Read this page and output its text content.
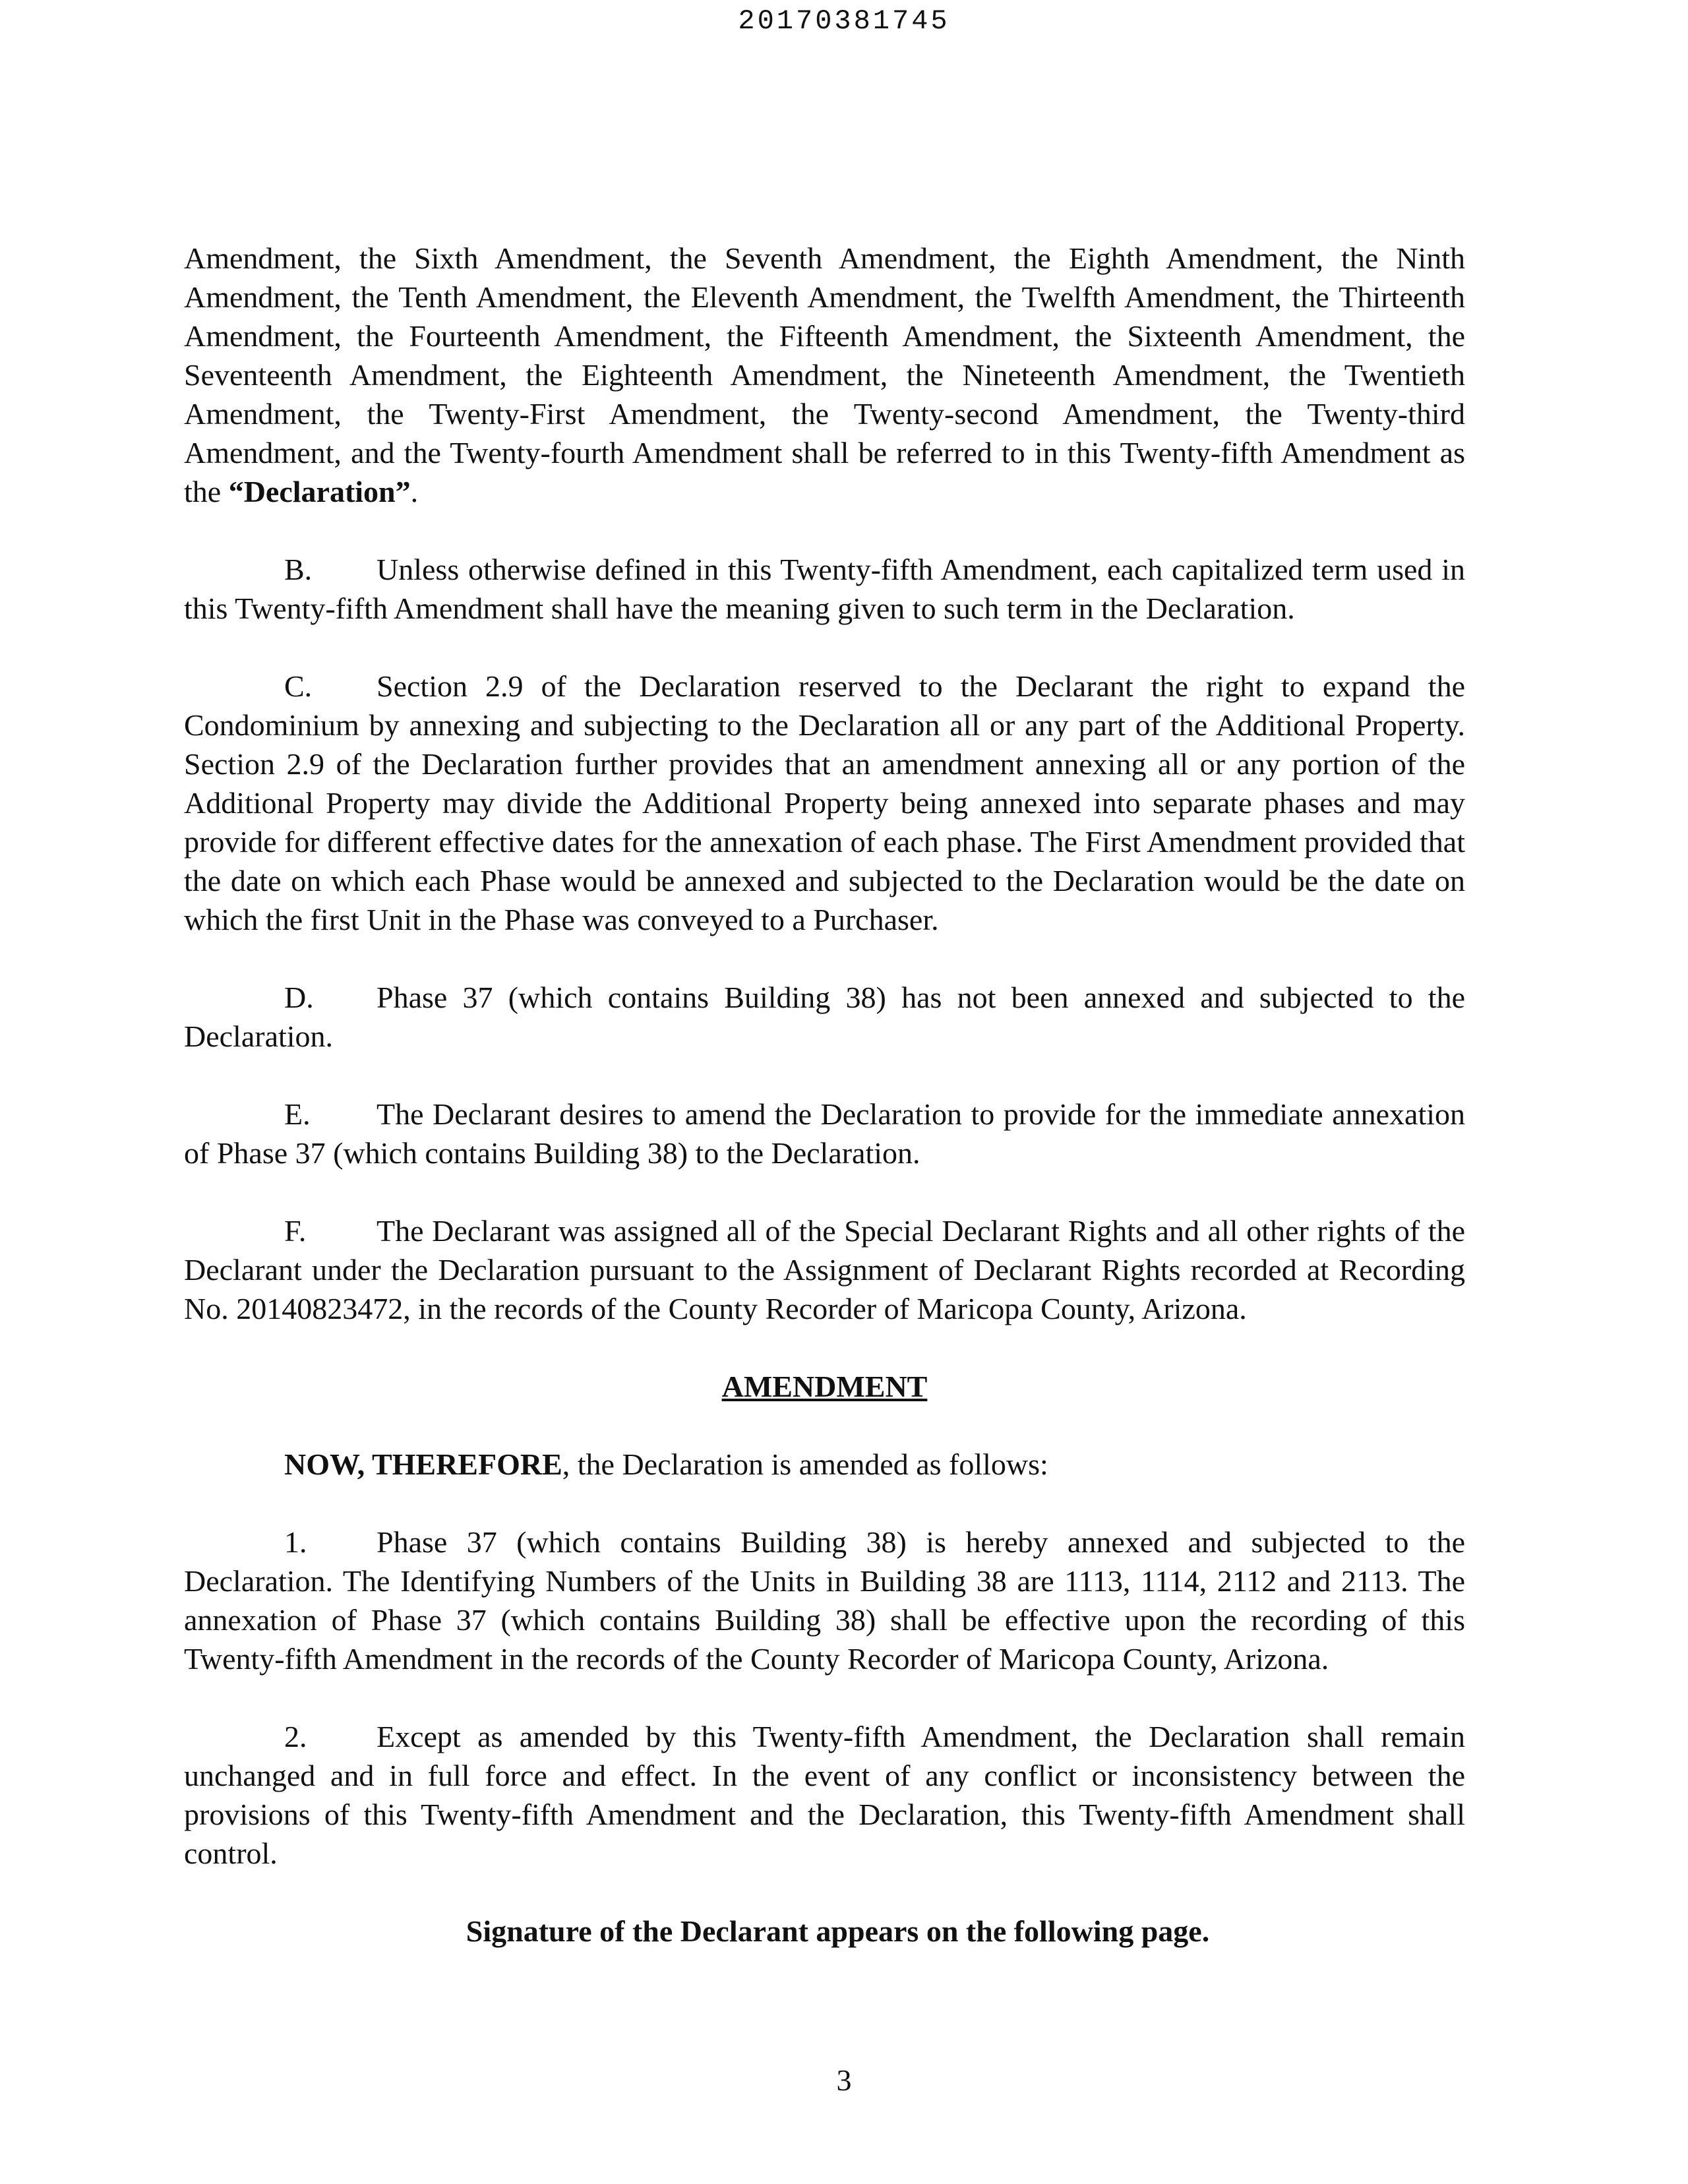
20170381745

Amendment, the Sixth Amendment, the Seventh Amendment, the Eighth Amendment, the Ninth Amendment, the Tenth Amendment, the Eleventh Amendment, the Twelfth Amendment, the Thirteenth Amendment, the Fourteenth Amendment, the Fifteenth Amendment, the Sixteenth Amendment, the Seventeenth Amendment, the Eighteenth Amendment, the Nineteenth Amendment, the Twentieth Amendment, the Twenty-First Amendment, the Twenty-second Amendment, the Twenty-third Amendment, and the Twenty-fourth Amendment shall be referred to in this Twenty-fifth Amendment as the “Declaration”.

B. Unless otherwise defined in this Twenty-fifth Amendment, each capitalized term used in this Twenty-fifth Amendment shall have the meaning given to such term in the Declaration.

C. Section 2.9 of the Declaration reserved to the Declarant the right to expand the Condominium by annexing and subjecting to the Declaration all or any part of the Additional Property. Section 2.9 of the Declaration further provides that an amendment annexing all or any portion of the Additional Property may divide the Additional Property being annexed into separate phases and may provide for different effective dates for the annexation of each phase. The First Amendment provided that the date on which each Phase would be annexed and subjected to the Declaration would be the date on which the first Unit in the Phase was conveyed to a Purchaser.

D. Phase 37 (which contains Building 38) has not been annexed and subjected to the Declaration.

E. The Declarant desires to amend the Declaration to provide for the immediate annexation of Phase 37 (which contains Building 38) to the Declaration.

F. The Declarant was assigned all of the Special Declarant Rights and all other rights of the Declarant under the Declaration pursuant to the Assignment of Declarant Rights recorded at Recording No. 20140823472, in the records of the County Recorder of Maricopa County, Arizona.

AMENDMENT

NOW, THEREFORE, the Declaration is amended as follows:

1. Phase 37 (which contains Building 38) is hereby annexed and subjected to the Declaration. The Identifying Numbers of the Units in Building 38 are 1113, 1114, 2112 and 2113. The annexation of Phase 37 (which contains Building 38) shall be effective upon the recording of this Twenty-fifth Amendment in the records of the County Recorder of Maricopa County, Arizona.

2. Except as amended by this Twenty-fifth Amendment, the Declaration shall remain unchanged and in full force and effect. In the event of any conflict or inconsistency between the provisions of this Twenty-fifth Amendment and the Declaration, this Twenty-fifth Amendment shall control.

Signature of the Declarant appears on the following page.

3
